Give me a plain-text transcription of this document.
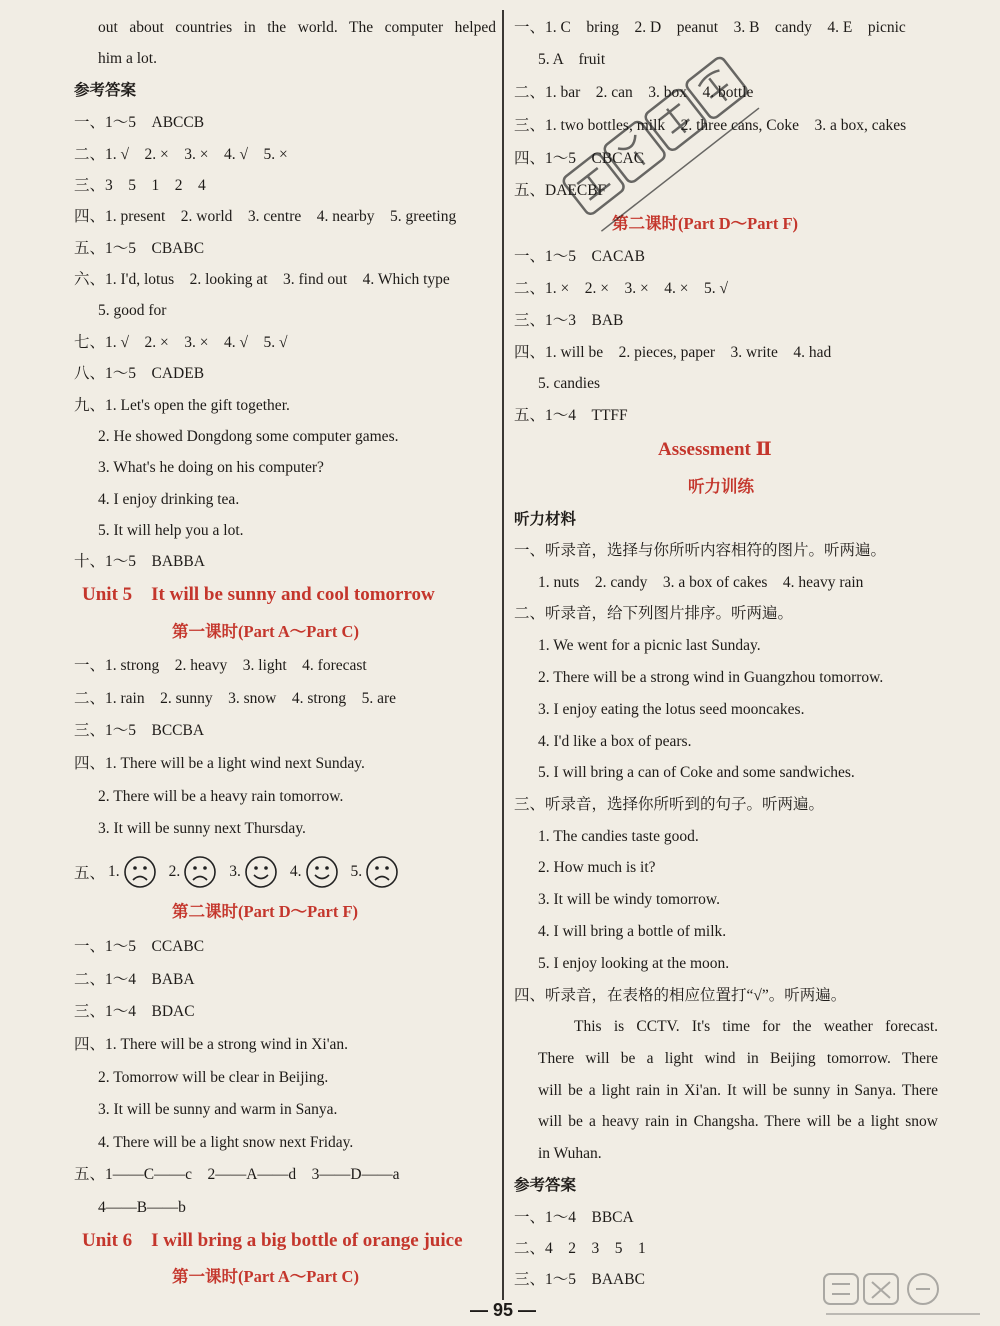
out about countries in the world. The computer helped
him a lot.
参考答案
一、1～5　ABCCB
二、1. √　2. ×　3. ×　4. √　5. ×
三、3　5　1　2　4
四、1. present　2. world　3. centre　4. nearby　5. greeting
五、1～5　CBABC
六、1. I'd, lotus　2. looking at　3. find out　4. Which type
5. good for
七、1. √　2. ×　3. ×　4. √　5. √
八、1～5　CADEB
九、1. Let's open the gift together.
2. He showed Dongdong some computer games.
3. What's he doing on his computer?
4. I enjoy drinking tea.
5. It will help you a lot.
十、1～5　BABBA
Unit 5　It will be sunny and cool tomorrow
第一课时(Part A～Part C)
一、1. strong　2. heavy　3. light　4. forecast
二、1. rain　2. sunny　3. snow　4. strong　5. are
三、1～5　BCCBA
四、1. There will be a light wind next Sunday.
2. There will be a heavy rain tomorrow.
3. It will be sunny next Thursday.
五、 1.	2.	3.	4.	5.
第二课时(Part D～Part F)
一、1～5　CCABC
二、1～4　BABA
三、1～4　BDAC
四、1. There will be a strong wind in Xi'an.
2. Tomorrow will be clear in Beijing.
3. It will be sunny and warm in Sanya.
4. There will be a light snow next Friday.
五、1——C——c　2——A——d　3——D——a
4——B——b
Unit 6　I will bring a big bottle of orange juice
第一课时(Part A～Part C)
一、1. C　bring　2. D　peanut　3. B　candy　4. E　picnic
5. A　fruit
二、1. bar　2. can　3. box　4. bottle
三、1. two bottles, milk　2. three cans, Coke　3. a box, cakes
四、1～5　CBCAC
五、DAECBF
第二课时(Part D～Part F)
一、1～5　CACAB
二、1. ×　2. ×　3. ×　4. ×　5. √
三、1～3　BAB
四、1. will be　2. pieces, paper　3. write　4. had
5. candies
五、1～4　TTFF
Assessment Ⅱ
听力训练
听力材料
一、听录音，选择与你所听内容相符的图片。听两遍。
1. nuts　2. candy　3. a box of cakes　4. heavy rain
二、听录音，给下列图片排序。听两遍。
1. We went for a picnic last Sunday.
2. There will be a strong wind in Guangzhou tomorrow.
3. I enjoy eating the lotus seed mooncakes.
4. I'd like a box of pears.
5. I will bring a can of Coke and some sandwiches.
三、听录音，选择你所听到的句子。听两遍。
1. The candies taste good.
2. How much is it?
3. It will be windy tomorrow.
4. I will bring a bottle of milk.
5. I enjoy looking at the moon.
四、听录音，在表格的相应位置打“√”。听两遍。
This is CCTV. It's time for the weather forecast.
There will be a light wind in Beijing tomorrow. There
will be a light rain in Xi'an. It will be sunny in Sanya. There
will be a heavy rain in Changsha. There will be a light snow
in Wuhan.
参考答案
一、1～4　BBCA
二、4　2　3　5　1
三、1～5　BAABC
— 95 —
